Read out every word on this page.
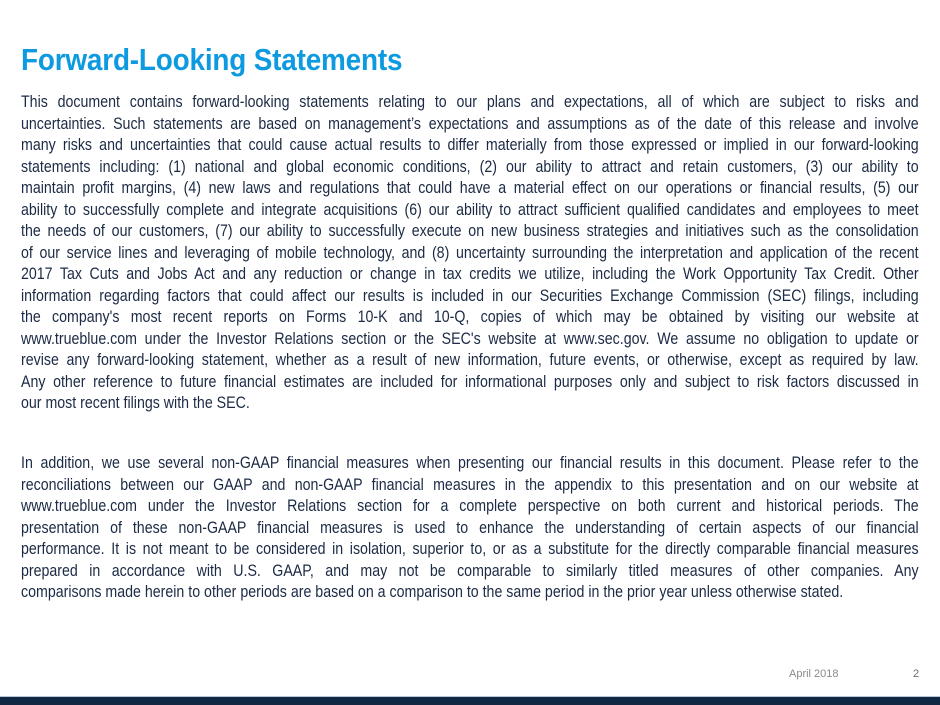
Forward-Looking Statements
This document contains forward-looking statements relating to our plans and expectations, all of which are subject to risks and
uncertainties. Such statements are based on management’s expectations and assumptions as of the date of this release and involve
many risks and uncertainties that could cause actual results to differ materially from those expressed or implied in our forward-looking
statements including: (1) national and global economic conditions, (2) our ability to attract and retain customers, (3) our ability to
maintain profit margins, (4) new laws and regulations that could have a material effect on our operations or financial results, (5) our
ability to successfully complete and integrate acquisitions (6) our ability to attract sufficient qualified candidates and employees to meet
the needs of our customers, (7) our ability to successfully execute on new business strategies and initiatives such as the consolidation
of our service lines and leveraging of mobile technology, and (8) uncertainty surrounding the interpretation and application of the recent
2017 Tax Cuts and Jobs Act and any reduction or change in tax credits we utilize, including the Work Opportunity Tax Credit. Other
information regarding factors that could affect our results is included in our Securities Exchange Commission (SEC) filings, including
the company's most recent reports on Forms 10-K and 10-Q, copies of which may be obtained by visiting our website at
www.trueblue.com under the Investor Relations section or the SEC's website at www.sec.gov. We assume no obligation to update or
revise any forward-looking statement, whether as a result of new information, future events, or otherwise, except as required by law.
Any other reference to future financial estimates are included for informational purposes only and subject to risk factors discussed in
our most recent filings with the SEC.
In addition, we use several non-GAAP financial measures when presenting our financial results in this document. Please refer to the
reconciliations between our GAAP and non-GAAP financial measures in the appendix to this presentation and on our website at
www.trueblue.com under the Investor Relations section for a complete perspective on both current and historical periods. The
presentation of these non-GAAP financial measures is used to enhance the understanding of certain aspects of our financial
performance. It is not meant to be considered in isolation, superior to, or as a substitute for the directly comparable financial measures
prepared in accordance with U.S. GAAP, and may not be comparable to similarly titled measures of other companies. Any
comparisons made herein to other periods are based on a comparison to the same period in the prior year unless otherwise stated.
April 2018	2
